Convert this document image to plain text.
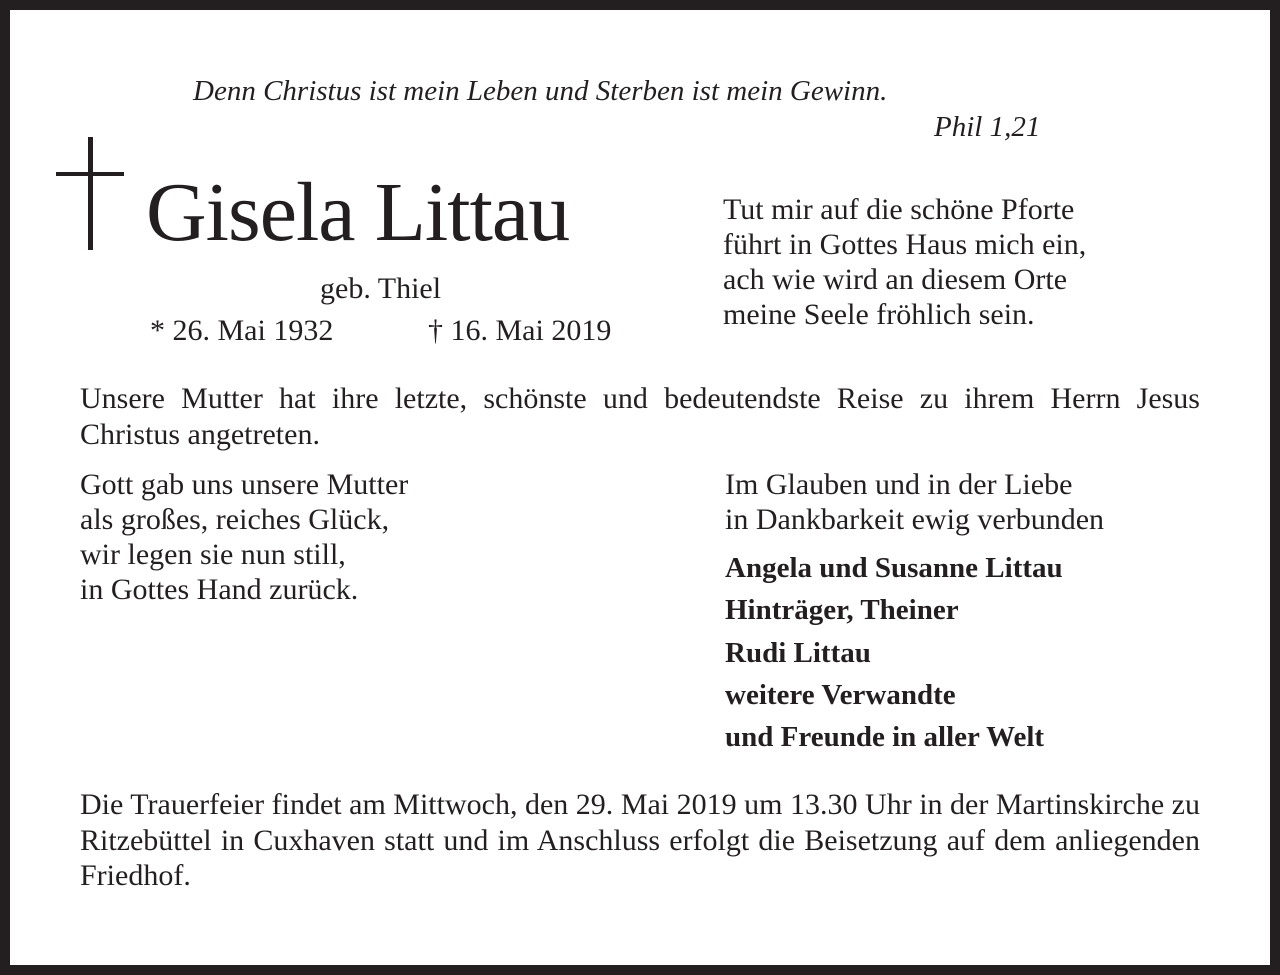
Denn Christus ist mein Leben und Sterben ist mein Gewinn.
Phil 1,21
Gisela Littau
geb. Thiel
* 26. Mai 1932	† 16. Mai 2019
Tut mir auf die schöne Pforte
führt in Gottes Haus mich ein,
ach wie wird an diesem Orte
meine Seele fröhlich sein.
Unsere Mutter hat ihre letzte, schönste und bedeutendste Reise zu ihrem Herrn Jesus Christus angetreten.
Gott gab uns unsere Mutter
als großes, reiches Glück,
wir legen sie nun still,
in Gottes Hand zurück.
Im Glauben und in der Liebe
in Dankbarkeit ewig verbunden
Angela und Susanne Littau
Hinträger, Theiner
Rudi Littau
weitere Verwandte
und Freunde in aller Welt
Die Trauerfeier findet am Mittwoch, den 29. Mai 2019 um 13.30 Uhr in der Martinskirche zu Ritzebüttel in Cuxhaven statt und im Anschluss erfolgt die Beisetzung auf dem anliegenden Friedhof.
